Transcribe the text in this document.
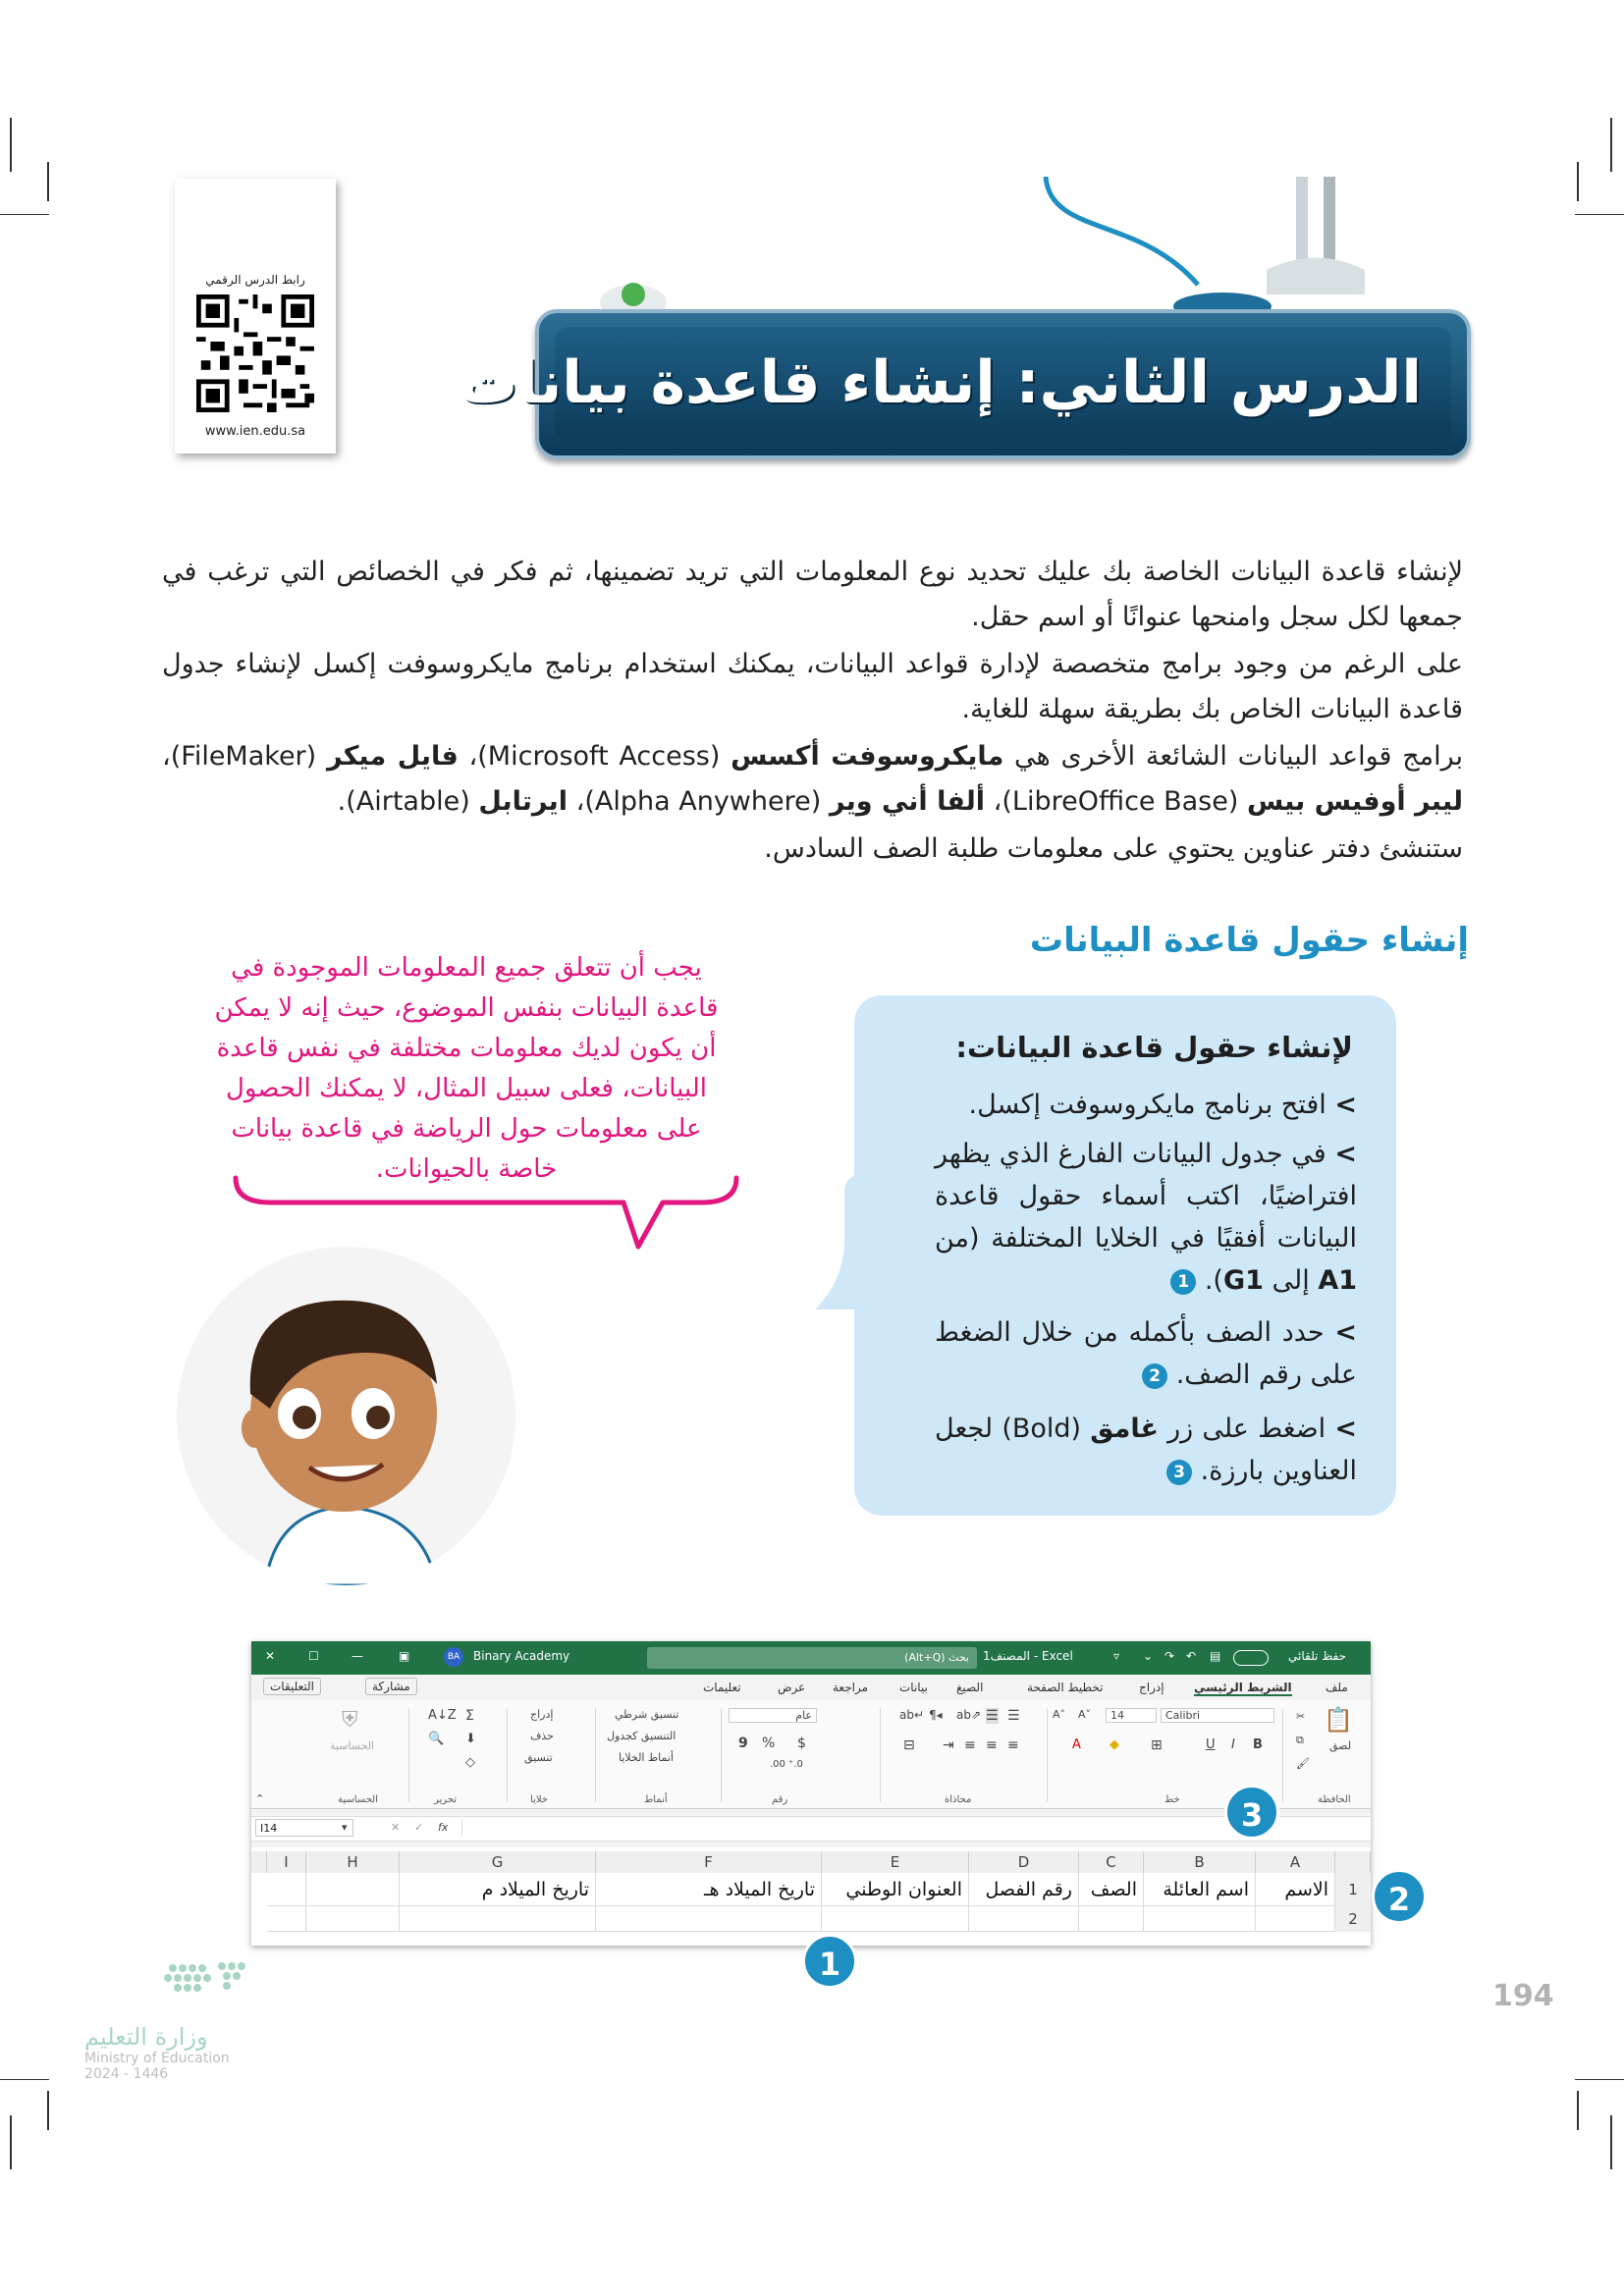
رابط الدرس الرقمي
www.ien.edu.sa
الدرس الثاني: إنشاء قاعدة بيانات
لإنشاء قاعدة البيانات الخاصة بك عليك تحديد نوع المعلومات التي تريد تضمينها، ثم فكر في الخصائص التي ترغب في جمعها لكل سجل وامنحها عنوانًا أو اسم حقل.
على الرغم من وجود برامج متخصصة لإدارة قواعد البيانات، يمكنك استخدام برنامج مايكروسوفت إكسل لإنشاء جدول قاعدة البيانات الخاص بك بطريقة سهلة للغاية.
برامج قواعد البيانات الشائعة الأخرى هي مايكروسوفت أكسس (Microsoft Access)، فايل ميكر (FileMaker)، ليبر أوفيس بيس (LibreOffice Base)، ألفا أني وير (Alpha Anywhere)، ايرتابل (Airtable).
ستنشئ دفتر عناوين يحتوي على معلومات طلبة الصف السادس.
إنشاء حقول قاعدة البيانات
لإنشاء حقول قاعدة البيانات:
> افتح برنامج مايكروسوفت إكسل.
> في جدول البيانات الفارغ الذي يظهر افتراضيًا، اكتب أسماء حقول قاعدة البيانات أفقيًا في الخلايا المختلفة (من A1 إلى G1). 1
> حدد الصف بأكمله من خلال الضغط على رقم الصف. 2
> اضغط على زر غامق (Bold) لجعل العناوين بارزة. 3
يجب أن تتعلق جميع المعلومات الموجودة في قاعدة البيانات بنفس الموضوع، حيث إنه لا يمكن أن يكون لديك معلومات مختلفة في نفس قاعدة البيانات، فعلى سبيل المثال، لا يمكنك الحصول على معلومات حول الرياضة في قاعدة بيانات خاصة بالحيوانات.
✕	☐	—	▣	BA	Binary Academy	بحث (Alt+Q)	المصنف1 - Excel	▿ ⌄ ↷ ↶ ▤	حفظ تلقائي
التعليقات	مشاركة	تعليمات	عرض مراجعة	بيانات الصيغ	تخطيط الصفحة	إدراج	الشريط الرئيسي	ملف
📋
لصق
✂
⧉
🖌
الحافظة
Calibri
14
A˄ A˅
B
I
U
⊞
◆
A
خط
☰
☰
ab⇗
¶◂
ab↵
≡
≡
≡
⇥
⊟
محاذاة
عام
$
%
9
.00 ⁺.0
رقم
تنسيق شرطي
التنسيق كجدول
أنماط الخلايا
أنماط
إدراج
حذف
تنسيق
خلايا
Σ
A↓Z
⬇
🔍
◇
تحرير
⛨
الحساسية
الحساسية
⌃
I14	▾	✕ ✓ fx
I	H	G	F	E	D	C	B	A
تاريخ الميلاد م	تاريخ الميلاد هـ	العنوان الوطني	رقم الفصل الصف	اسم العائلة	الاسم	1
2
1
2
3
وزارة التعليم
Ministry of Education
2024 - 1446
194
